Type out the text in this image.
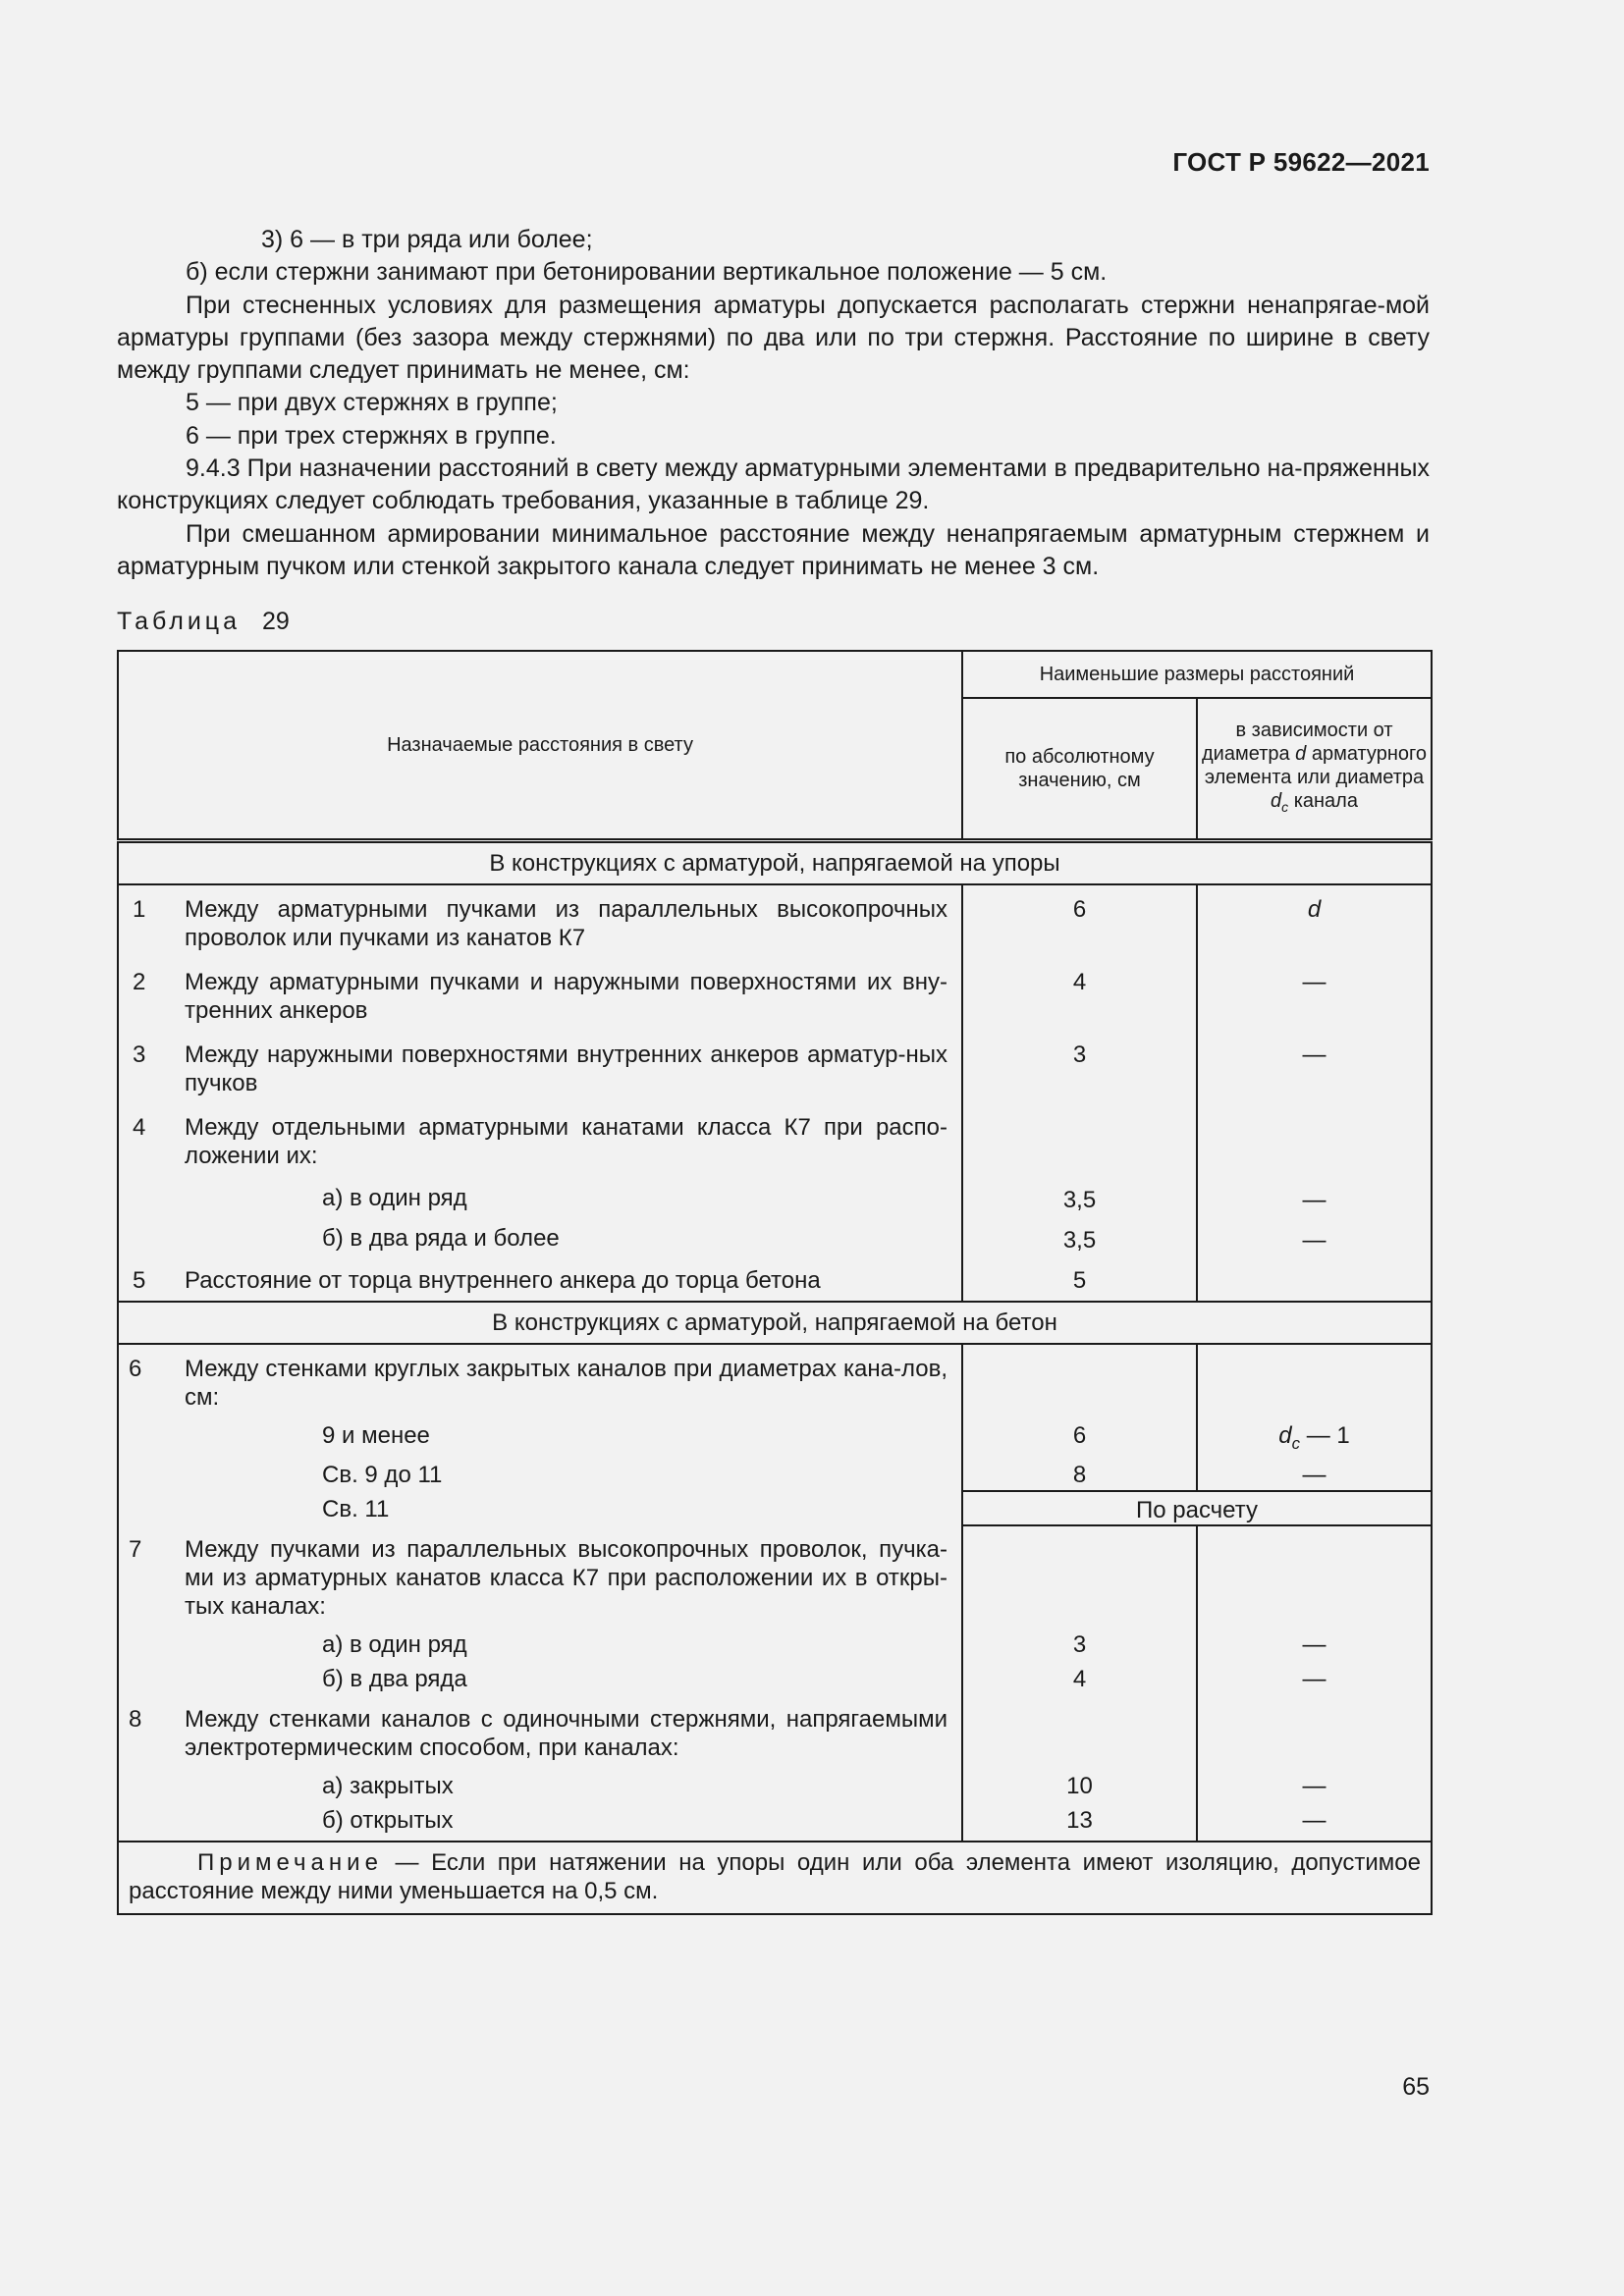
ГОСТ Р 59622—2021

3) 6 — в три ряда или более;

б) если стержни занимают при бетонировании вертикальное положение — 5 см.

При стесненных условиях для размещения арматуры допускается располагать стержни ненапрягае-мой арматуры группами (без зазора между стержнями) по два или по три стержня. Расстояние по ширине в свету между группами следует принимать не менее, см:

5 — при двух стержнях в группе;

6 — при трех стержнях в группе.

9.4.3 При назначении расстояний в свету между арматурными элементами в предварительно на-пряженных конструкциях следует соблюдать требования, указанные в таблице 29.

При смешанном армировании минимальное расстояние между ненапрягаемым арматурным стержнем и арматурным пучком или стенкой закрытого канала следует принимать не менее 3 см.

Таблица 29
Назначаемые расстояния в свету		Наименьшие размеры расстояний	
		по абсолютному значению, см	в зависимости от диаметра d арматурного элемента или диаметра $d_c$ канала
В конструкциях с арматурой, напрягаемой на упоры			
1	Между арматурными пучками из параллельных высокопрочных проволок или пучками из канатов К7	6	d
2	Между арматурными пучками и наружными поверхностями их вну-тренних анкеров	4	—
3	Между наружными поверхностями внутренних анкеров арматур-ных пучков	3	—
4	Между отдельными арматурными канатами класса К7 при распо-ложении их:		
	а) в один ряд	3,5	—
	б) в два ряда и более	3,5	—
5	Расстояние от торца внутреннего анкера до торца бетона	5	
В конструкциях с арматурой, напрягаемой на бетон			
6	Между стенками круглых закрытых каналов при диаметрах кана-лов, см:		
	9 и менее	6	$d_c$ — 1
	Св. 9 до 11	8	—
	Св. 11	По расчету	
7	Между пучками из параллельных высокопрочных проволок, пучка-ми из арматурных канатов класса К7 при расположении их в откры-тых каналах:		
	а) в один ряд	3	—
	б) в два ряда	4	—
8	Между стенками каналов с одиночными стержнями, напрягаемыми электротермическим способом, при каналах:		
	а) закрытых	10	—
	б) открытых	13	—
Примечание — Если при натяжении на упоры один или оба элемента имеют изоляцию, допустимое расстояние между ними уменьшается на 0,5 см.			
65
